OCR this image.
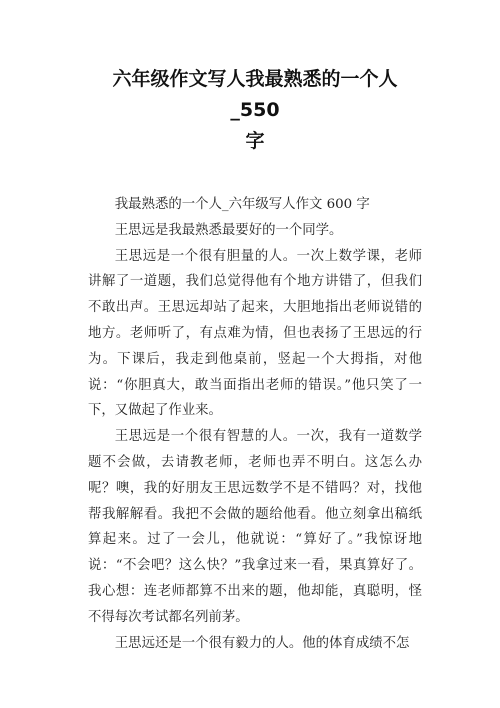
六年级作文写人我最熟悉的一个人_550
字

我最熟悉的一个人_六年级写人作文 600 字

王思远是我最熟悉最要好的一个同学。

王思远是一个很有胆量的人。一次上数学课，老师讲解了一道题，我们总觉得他有个地方讲错了，但我们不敢出声。王思远却站了起来，大胆地指出老师说错的地方。老师听了，有点难为情，但也表扬了王思远的行为。下课后，我走到他桌前，竖起一个大拇指，对他说：“你胆真大，敢当面指出老师的错误。”他只笑了一下，又做起了作业来。

王思远是一个很有智慧的人。一次，我有一道数学题不会做，去请教老师，老师也弄不明白。这怎么办呢？噢，我的好朋友王思远数学不是不错吗？对，找他帮我解解看。我把不会做的题给他看。他立刻拿出稿纸算起来。过了一会儿，他就说：“算好了。”我惊讶地说：“不会吧？这么快？”我拿过来一看，果真算好了。我心想：连老师都算不出来的题，他却能，真聪明，怪不得每次考试都名列前茅。

王思远还是一个很有毅力的人。他的体育成绩不怎
